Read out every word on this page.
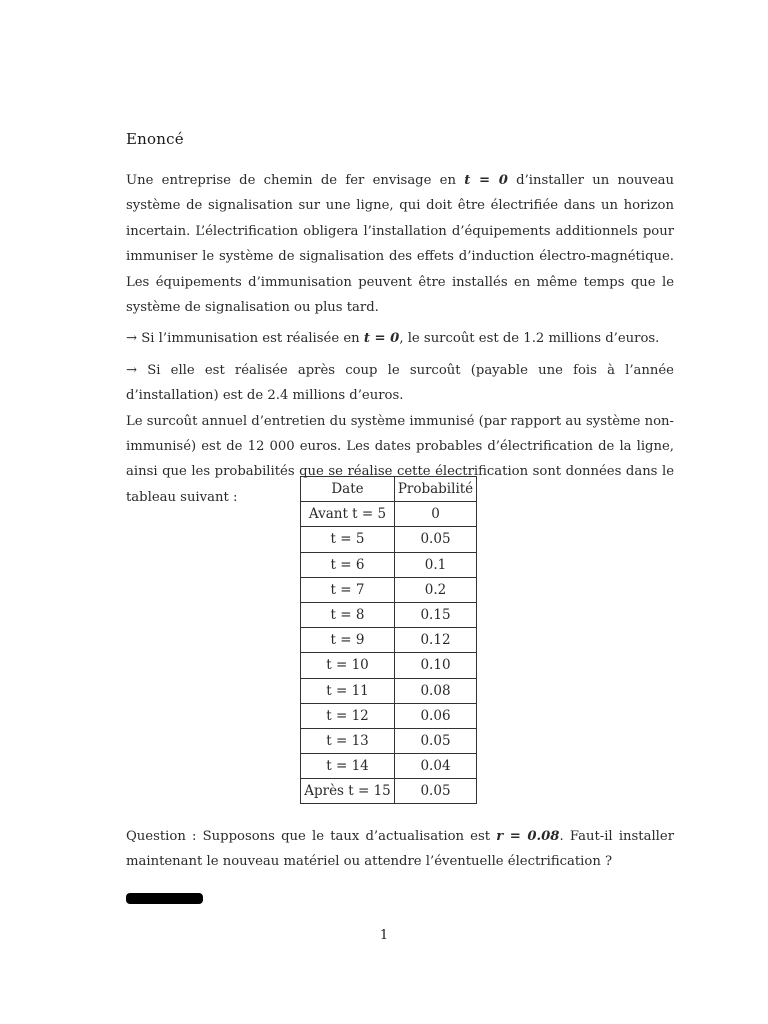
Enoncé

Une entreprise de chemin de fer envisage en t = 0 d’installer un nouveau système de signalisation sur une ligne, qui doit être électrifiée dans un horizon incertain. L’électrification obligera l’installation d’équipements additionnels pour immuniser le système de signalisation des effets d’induction électro-magnétique. Les équipements d’immunisation peuvent être installés en même temps que le système de signalisation ou plus tard.

→ Si l’immunisation est réalisée en t = 0, le surcoût est de 1.2 millions d’euros.

→ Si elle est réalisée après coup le surcoût (payable une fois à l’année d’installation) est de 2.4 millions d’euros.

Le surcoût annuel d’entretien du système immunisé (par rapport au système non-immunisé) est de 12 000 euros. Les dates probables d’électrification de la ligne, ainsi que les probabilités que se réalise cette électrification sont données dans le tableau suivant :

Date	Probabilité
Avant t = 5	0
t = 5	0.05
t = 6	0.1
t = 7	0.2
t = 8	0.15
t = 9	0.12
t = 10	0.10
t = 11	0.08
t = 12	0.06
t = 13	0.05
t = 14	0.04
Après t = 15	0.05

Question : Supposons que le taux d’actualisation est r = 0.08. Faut-il installer maintenant le nouveau matériel ou attendre l’éventuelle électrification ?

Corrigé
1
